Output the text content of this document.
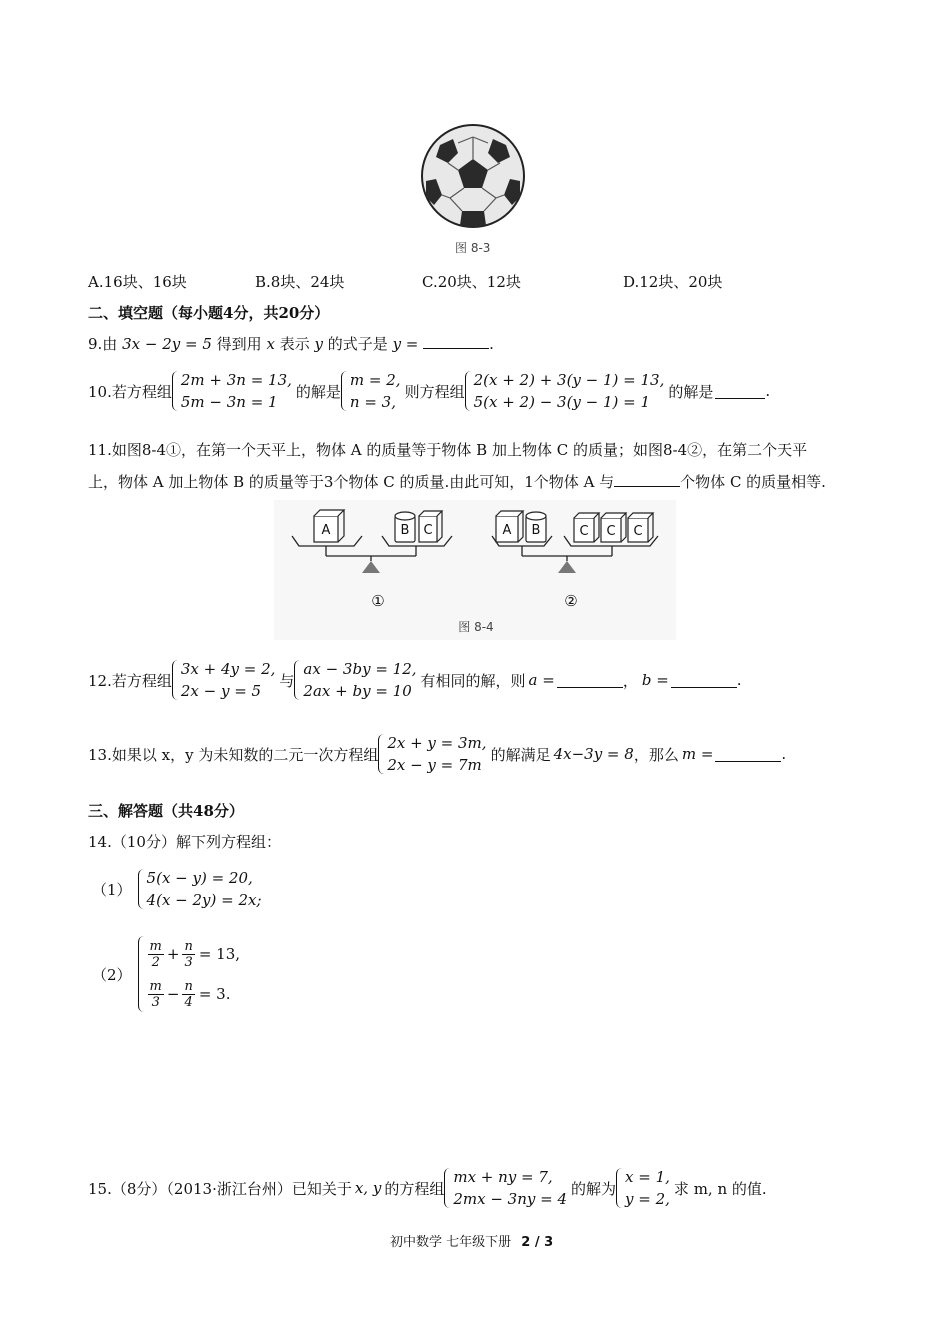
图 8-3
A.16块、16块	B.8块、24块	C.20块、12块	D.12块、20块
二、填空题（每小题4分，共20分）
9.由 3x − 2y = 5 得到用 x 表示 y 的式子是 y =	.
10.若方程组
2m + 3n = 13,
5m − 3n = 1
的解是
m = 2,
n = 3,
则方程组
2(x + 2) + 3(y − 1) = 13,
5(x + 2) − 3(y − 1) = 1
的解是	.
11.如图8-4①，在第一个天平上，物体 A 的质量等于物体 B 加上物体 C 的质量；如图8-4②，在第二个天平
上，物体 A 加上物体 B 的质量等于3个物体 C 的质量.由此可知，1个物体 A 与	个物体 C 的质量相等.
A	B C	A B	C C C
①	②
图 8-4
12.若方程组
3x + 4y = 2,
2x − y = 5
与
ax − 3by = 12,
2ax + by = 10
有相同的解，则 a =	， b =	.
13.如果以 x，y 为未知数的二元一次方程组
2x + y = 3m,
2x − y = 7m
的解满足 4x−3y = 8 ，那么 m =	.
三、解答题（共48分）
14.（10分）解下列方程组：
（1）
5(x − y) = 20,
4(x − 2y) = 2x;
（2）
$\frac{m}{2} + \frac{n}{3} = 13$,
$\frac{m}{3} - \frac{n}{4} = 3$.
15.（8分）（2013·浙江台州）已知关于 x, y 的方程组
mx + ny = 7,
2mx − 3ny = 4
的解为
x = 1,
y = 2,
求 m, n 的值.
初中数学 七年级下册 2 / 3
